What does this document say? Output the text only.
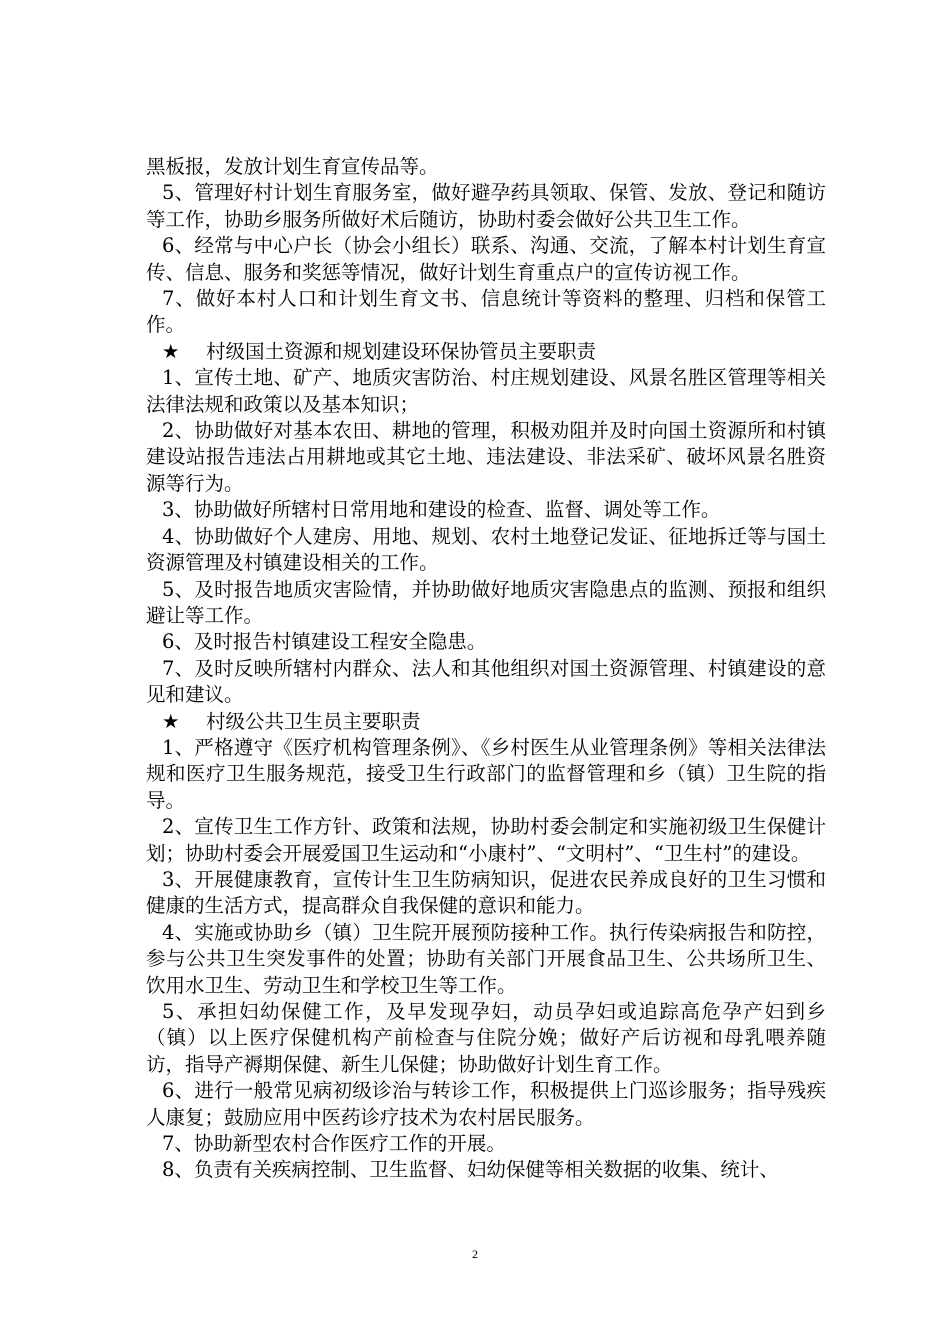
黑板报，发放计划生育宣传品等。

5、管理好村计划生育服务室，做好避孕药具领取、保管、发放、登记和随访等工作，协助乡服务所做好术后随访，协助村委会做好公共卫生工作。

6、经常与中心户长（协会小组长）联系、沟通、交流，了解本村计划生育宣传、信息、服务和奖惩等情况，做好计划生育重点户的宣传访视工作。

7、做好本村人口和计划生育文书、信息统计等资料的整理、归档和保管工作。

★ 村级国土资源和规划建设环保协管员主要职责

1、宣传土地、矿产、地质灾害防治、村庄规划建设、风景名胜区管理等相关法律法规和政策以及基本知识；

2、协助做好对基本农田、耕地的管理，积极劝阻并及时向国土资源所和村镇建设站报告违法占用耕地或其它土地、违法建设、非法采矿、破坏风景名胜资源等行为。

3、协助做好所辖村日常用地和建设的检查、监督、调处等工作。

4、协助做好个人建房、用地、规划、农村土地登记发证、征地拆迁等与国土资源管理及村镇建设相关的工作。

5、及时报告地质灾害险情，并协助做好地质灾害隐患点的监测、预报和组织避让等工作。

6、及时报告村镇建设工程安全隐患。

7、及时反映所辖村内群众、法人和其他组织对国土资源管理、村镇建设的意见和建议。

★ 村级公共卫生员主要职责

1、严格遵守《医疗机构管理条例》、《乡村医生从业管理条例》等相关法律法规和医疗卫生服务规范，接受卫生行政部门的监督管理和乡（镇）卫生院的指导。

2、宣传卫生工作方针、政策和法规，协助村委会制定和实施初级卫生保健计划；协助村委会开展爱国卫生运动和“小康村”、“文明村”、“卫生村”的建设。

3、开展健康教育，宣传计生卫生防病知识，促进农民养成良好的卫生习惯和健康的生活方式，提高群众自我保健的意识和能力。

4、实施或协助乡（镇）卫生院开展预防接种工作。执行传染病报告和防控，参与公共卫生突发事件的处置；协助有关部门开展食品卫生、公共场所卫生、饮用水卫生、劳动卫生和学校卫生等工作。

5、承担妇幼保健工作，及早发现孕妇，动员孕妇或追踪高危孕产妇到乡（镇）以上医疗保健机构产前检查与住院分娩；做好产后访视和母乳喂养随访，指导产褥期保健、新生儿保健；协助做好计划生育工作。

6、进行一般常见病初级诊治与转诊工作，积极提供上门巡诊服务；指导残疾人康复；鼓励应用中医药诊疗技术为农村居民服务。

7、协助新型农村合作医疗工作的开展。

8、负责有关疾病控制、卫生监督、妇幼保健等相关数据的收集、统计、

2
